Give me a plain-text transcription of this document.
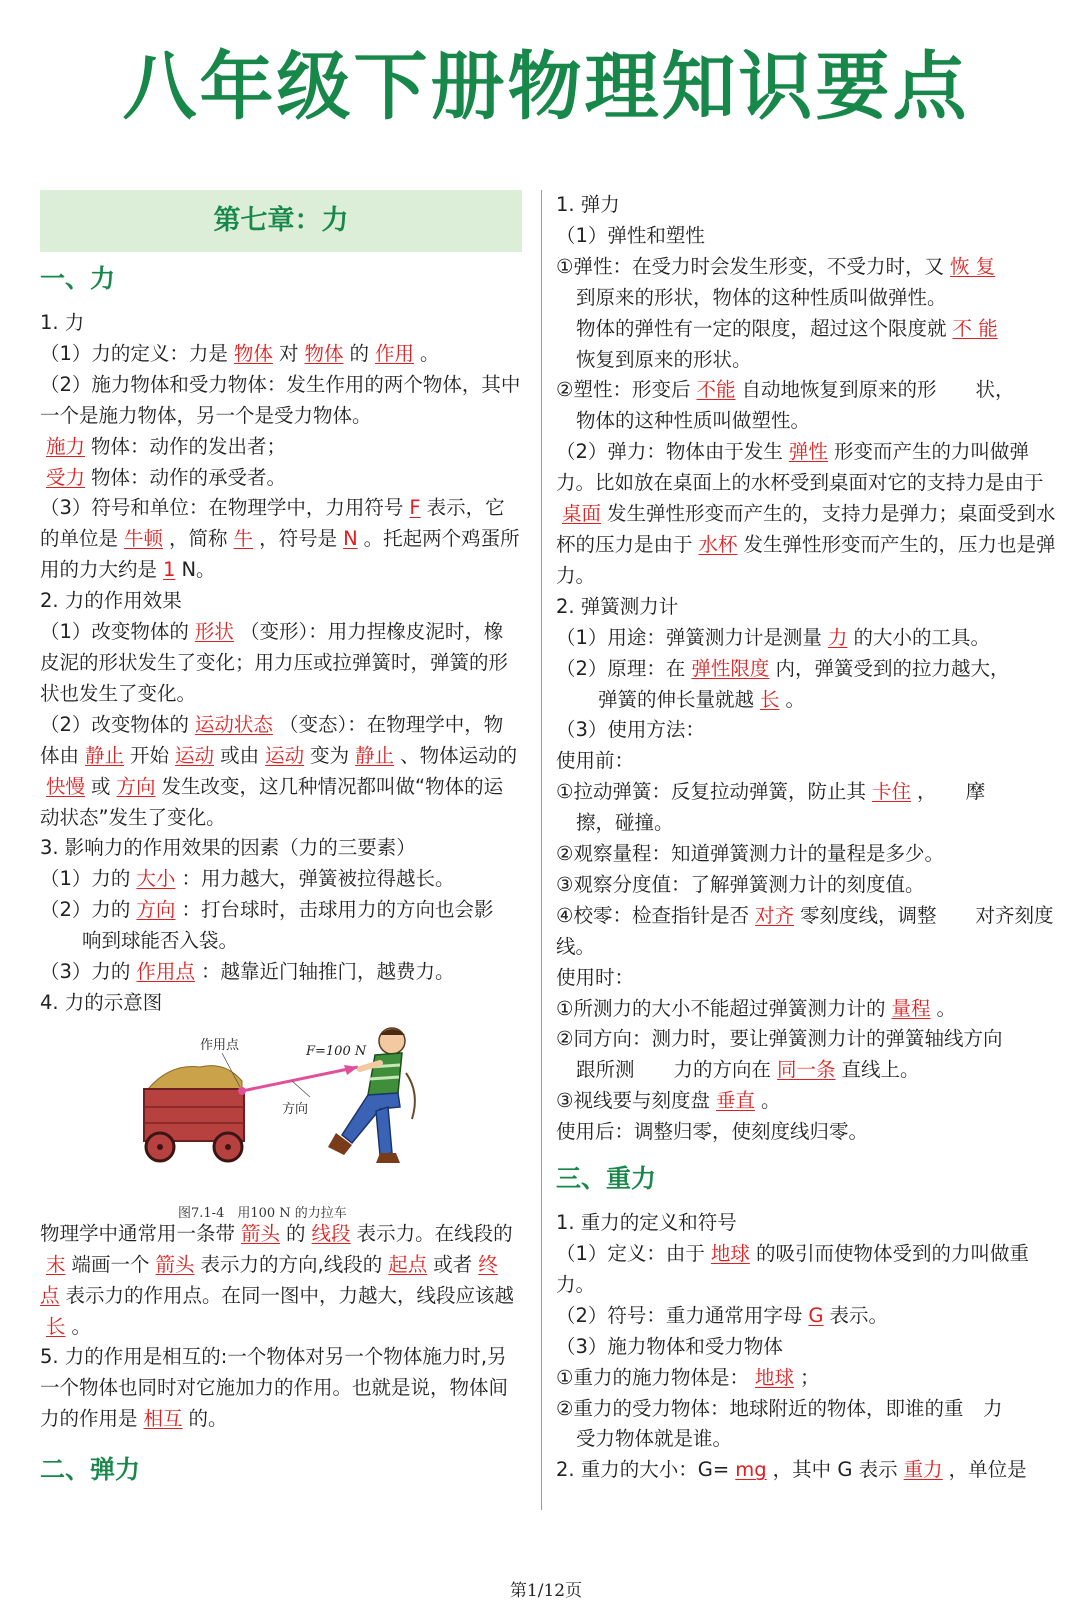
八年级下册物理知识要点
第七章：力
一、力

1. 力

（1）力的定义：力是 物体 对 物体 的 作用 。

（2）施力物体和受力物体：发生作用的两个物体，其中一个是施力物体，另一个是受力物体。

施力 物体：动作的发出者；

受力 物体：动作的承受者。

（3）符号和单位：在物理学中，力用符号 F 表示，它的单位是 牛顿 ，简称 牛 ，符号是 N 。托起两个鸡蛋所用的力大约是 1 N。

2. 力的作用效果

（1）改变物体的 形状 （变形）：用力捏橡皮泥时，橡皮泥的形状发生了变化；用力压或拉弹簧时，弹簧的形状也发生了变化。

（2）改变物体的 运动状态 （变态）：在物理学中，物体由 静止 开始 运动 或由 运动 变为 静止 、物体运动的快慢 或 方向 发生改变，这几种情况都叫做“物体的运动状态”发生了变化。

3. 影响力的作用效果的因素（力的三要素）

（1）力的 大小 ：用力越大，弹簧被拉得越长。

（2）力的 方向 ：打台球时，击球用力的方向也会影

响到球能否入袋。

（3）力的 作用点 ：越靠近门轴推门，越费力。

4. 力的示意图

作用点	F=100 N
方向
图7.1-4　用100 N 的力拉车

物理学中通常用一条带 箭头 的 线段 表示力。在线段的末 端画一个 箭头 表示力的方向,线段的 起点 或者 终点 表示力的作用点。在同一图中，力越大，线段应该越长 。

5. 力的作用是相互的:一个物体对另一个物体施力时,另一个物体也同时对它施加力的作用。也就是说，物体间力的作用是 相互 的。

二、弹力

1. 弹力

（1）弹性和塑性

①弹性：在受力时会发生形变，不受力时，又 恢 复

到原来的形状，物体的这种性质叫做弹性。

物体的弹性有一定的限度，超过这个限度就 不 能

恢复到原来的形状。

②塑性：形变后 不能 自动地恢复到原来的形　　状，

物体的这种性质叫做塑性。

（2）弹力：物体由于发生 弹性 形变而产生的力叫做弹力。比如放在桌面上的水杯受到桌面对它的支持力是由于桌面 发生弹性形变而产生的，支持力是弹力；桌面受到水杯的压力是由于 水杯 发生弹性形变而产生的，压力也是弹力。

2. 弹簧测力计

（1）用途：弹簧测力计是测量 力 的大小的工具。

（2）原理：在 弹性限度 内，弹簧受到的拉力越大，

弹簧的伸长量就越 长 。

（3）使用方法：

使用前：

①拉动弹簧：反复拉动弹簧，防止其 卡住 ，　　摩

擦，碰撞。

②观察量程：知道弹簧测力计的量程是多少。

③观察分度值：了解弹簧测力计的刻度值。

④校零：检查指针是否 对齐 零刻度线，调整　　对齐刻度线。

使用时：

①所测力的大小不能超过弹簧测力计的 量程 。

②同方向：测力时，要让弹簧测力计的弹簧轴线方向

跟所测　　力的方向在 同一条 直线上。

③视线要与刻度盘 垂直 。

使用后：调整归零，使刻度线归零。

三、重力

1. 重力的定义和符号

（1）定义：由于 地球 的吸引而使物体受到的力叫做重力。

（2）符号：重力通常用字母 G 表示。

（3）施力物体和受力物体

①重力的施力物体是： 地球 ；

②重力的受力物体：地球附近的物体，即谁的重　力

受力物体就是谁。

2. 重力的大小：G= mg ，其中 G 表示 重力 ，单位是

第1/12页
